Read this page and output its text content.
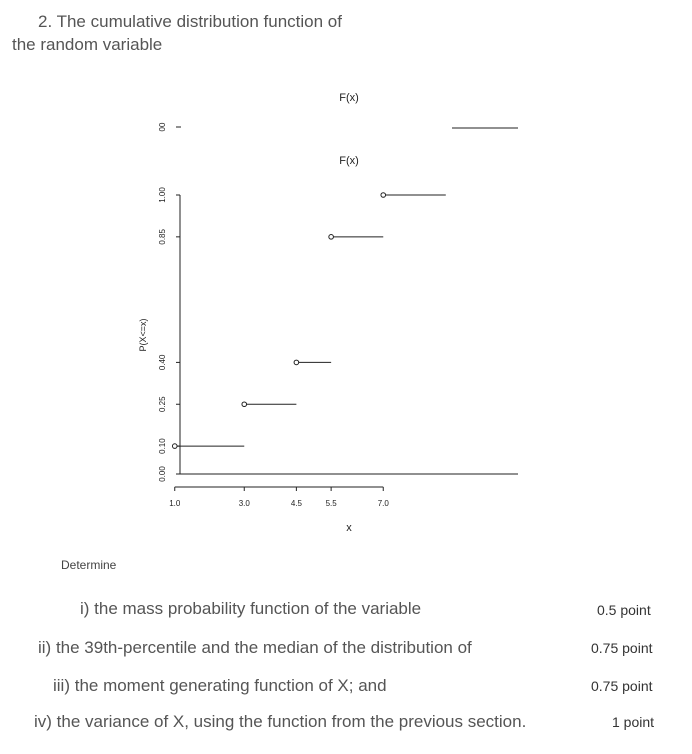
2. The cumulative distribution function of
the random variable
0.00
0.10
0.25
0.40
0.85
1.00
1.0	3.0	4.5	5.5	7.0
F(x)
F(x)
x
P(X<=x)
00
Determine
i) the mass probability function of the variable	0.5 point
ii) the 39th-percentile and the median of the distribution of	0.75 point
iii) the moment generating function of X; and	0.75 point
iv) the variance of X, using the function from the previous section.	1 point
